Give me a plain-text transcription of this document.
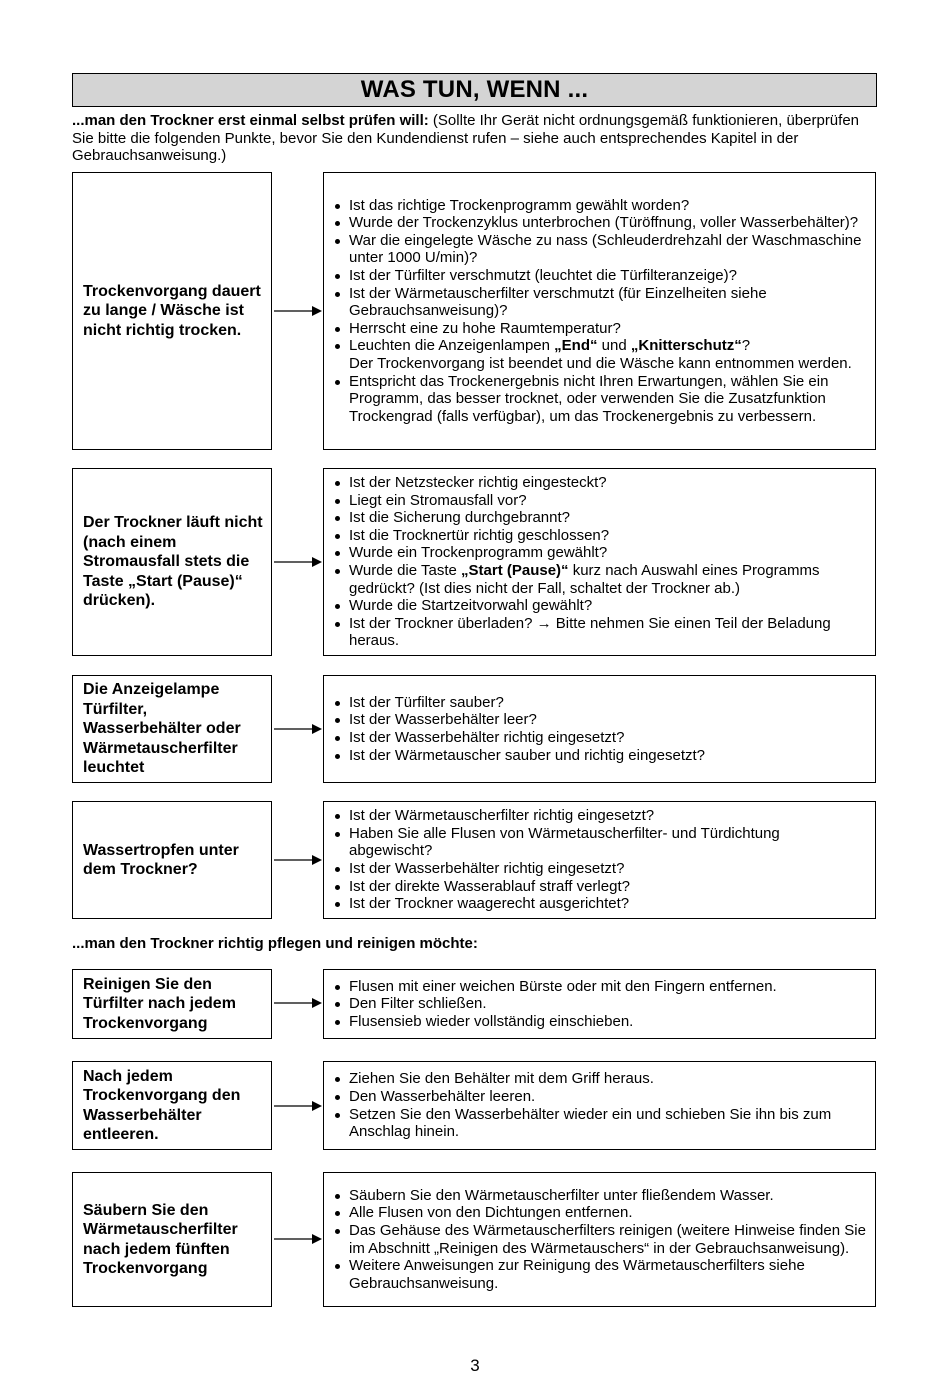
WAS TUN, WENN ...
...man den Trockner erst einmal selbst prüfen will: (Sollte Ihr Gerät nicht ordnungsgemäß funktionieren, überprüfen Sie bitte die folgenden Punkte, bevor Sie den Kundendienst rufen – siehe auch entsprechendes Kapitel in der Gebrauchsanweisung.)
Trockenvorgang dauert zu lange / Wäsche ist nicht richtig trocken.
Ist das richtige Trockenprogramm gewählt worden?
Wurde der Trockenzyklus unterbrochen (Türöffnung, voller Wasserbehälter)?
War die eingelegte Wäsche zu nass (Schleuderdrehzahl der Waschmaschine unter 1000 U/min)?
Ist der Türfilter verschmutzt (leuchtet die Türfilteranzeige)?
Ist der Wärmetauscherfilter verschmutzt (für Einzelheiten siehe Gebrauchsanweisung)?
Herrscht eine zu hohe Raumtemperatur?
Leuchten die Anzeigenlampen „End“ und „Knitterschutz“?
Der Trockenvorgang ist beendet und die Wäsche kann entnommen werden.
Entspricht das Trockenergebnis nicht Ihren Erwartungen, wählen Sie ein Programm, das besser trocknet, oder verwenden Sie die Zusatzfunktion Trockengrad (falls verfügbar), um das Trockenergebnis zu verbessern.
Der Trockner läuft nicht (nach einem Stromausfall stets die Taste „Start (Pause)“ drücken).
Ist der Netzstecker richtig eingesteckt?
Liegt ein Stromausfall vor?
Ist die Sicherung durchgebrannt?
Ist die Trocknertür richtig geschlossen?
Wurde ein Trockenprogramm gewählt?
Wurde die Taste „Start (Pause)“ kurz nach Auswahl eines Programms gedrückt? (Ist dies nicht der Fall, schaltet der Trockner ab.)
Wurde die Startzeitvorwahl gewählt?
Ist der Trockner überladen? → Bitte nehmen Sie einen Teil der Beladung heraus.
Die Anzeigelampe Türfilter, Wasserbehälter oder Wärmetauscherfilter leuchtet
Ist der Türfilter sauber?
Ist der Wasserbehälter leer?
Ist der Wasserbehälter richtig eingesetzt?
Ist der Wärmetauscher sauber und richtig eingesetzt?
Wassertropfen unter dem Trockner?
Ist der Wärmetauscherfilter richtig eingesetzt?
Haben Sie alle Flusen von Wärmetauscherfilter- und Türdichtung abgewischt?
Ist der Wasserbehälter richtig eingesetzt?
Ist der direkte Wasserablauf straff verlegt?
Ist der Trockner waagerecht ausgerichtet?
...man den Trockner richtig pflegen und reinigen möchte:
Reinigen Sie den Türfilter nach jedem Trockenvorgang
Flusen mit einer weichen Bürste oder mit den Fingern entfernen.
Den Filter schließen.
Flusensieb wieder vollständig einschieben.
Nach jedem Trockenvorgang den Wasserbehälter entleeren.
Ziehen Sie den Behälter mit dem Griff heraus.
Den Wasserbehälter leeren.
Setzen Sie den Wasserbehälter wieder ein und schieben Sie ihn bis zum Anschlag hinein.
Säubern Sie den Wärmetauscherfilter nach jedem fünften Trockenvorgang
Säubern Sie den Wärmetauscherfilter unter fließendem Wasser.
Alle Flusen von den Dichtungen entfernen.
Das Gehäuse des Wärmetauscherfilters reinigen (weitere Hinweise finden Sie im Abschnitt „Reinigen des Wärmetauschers“ in der Gebrauchsanweisung).
Weitere Anweisungen zur Reinigung des Wärmetauscherfilters siehe Gebrauchsanweisung.
3
